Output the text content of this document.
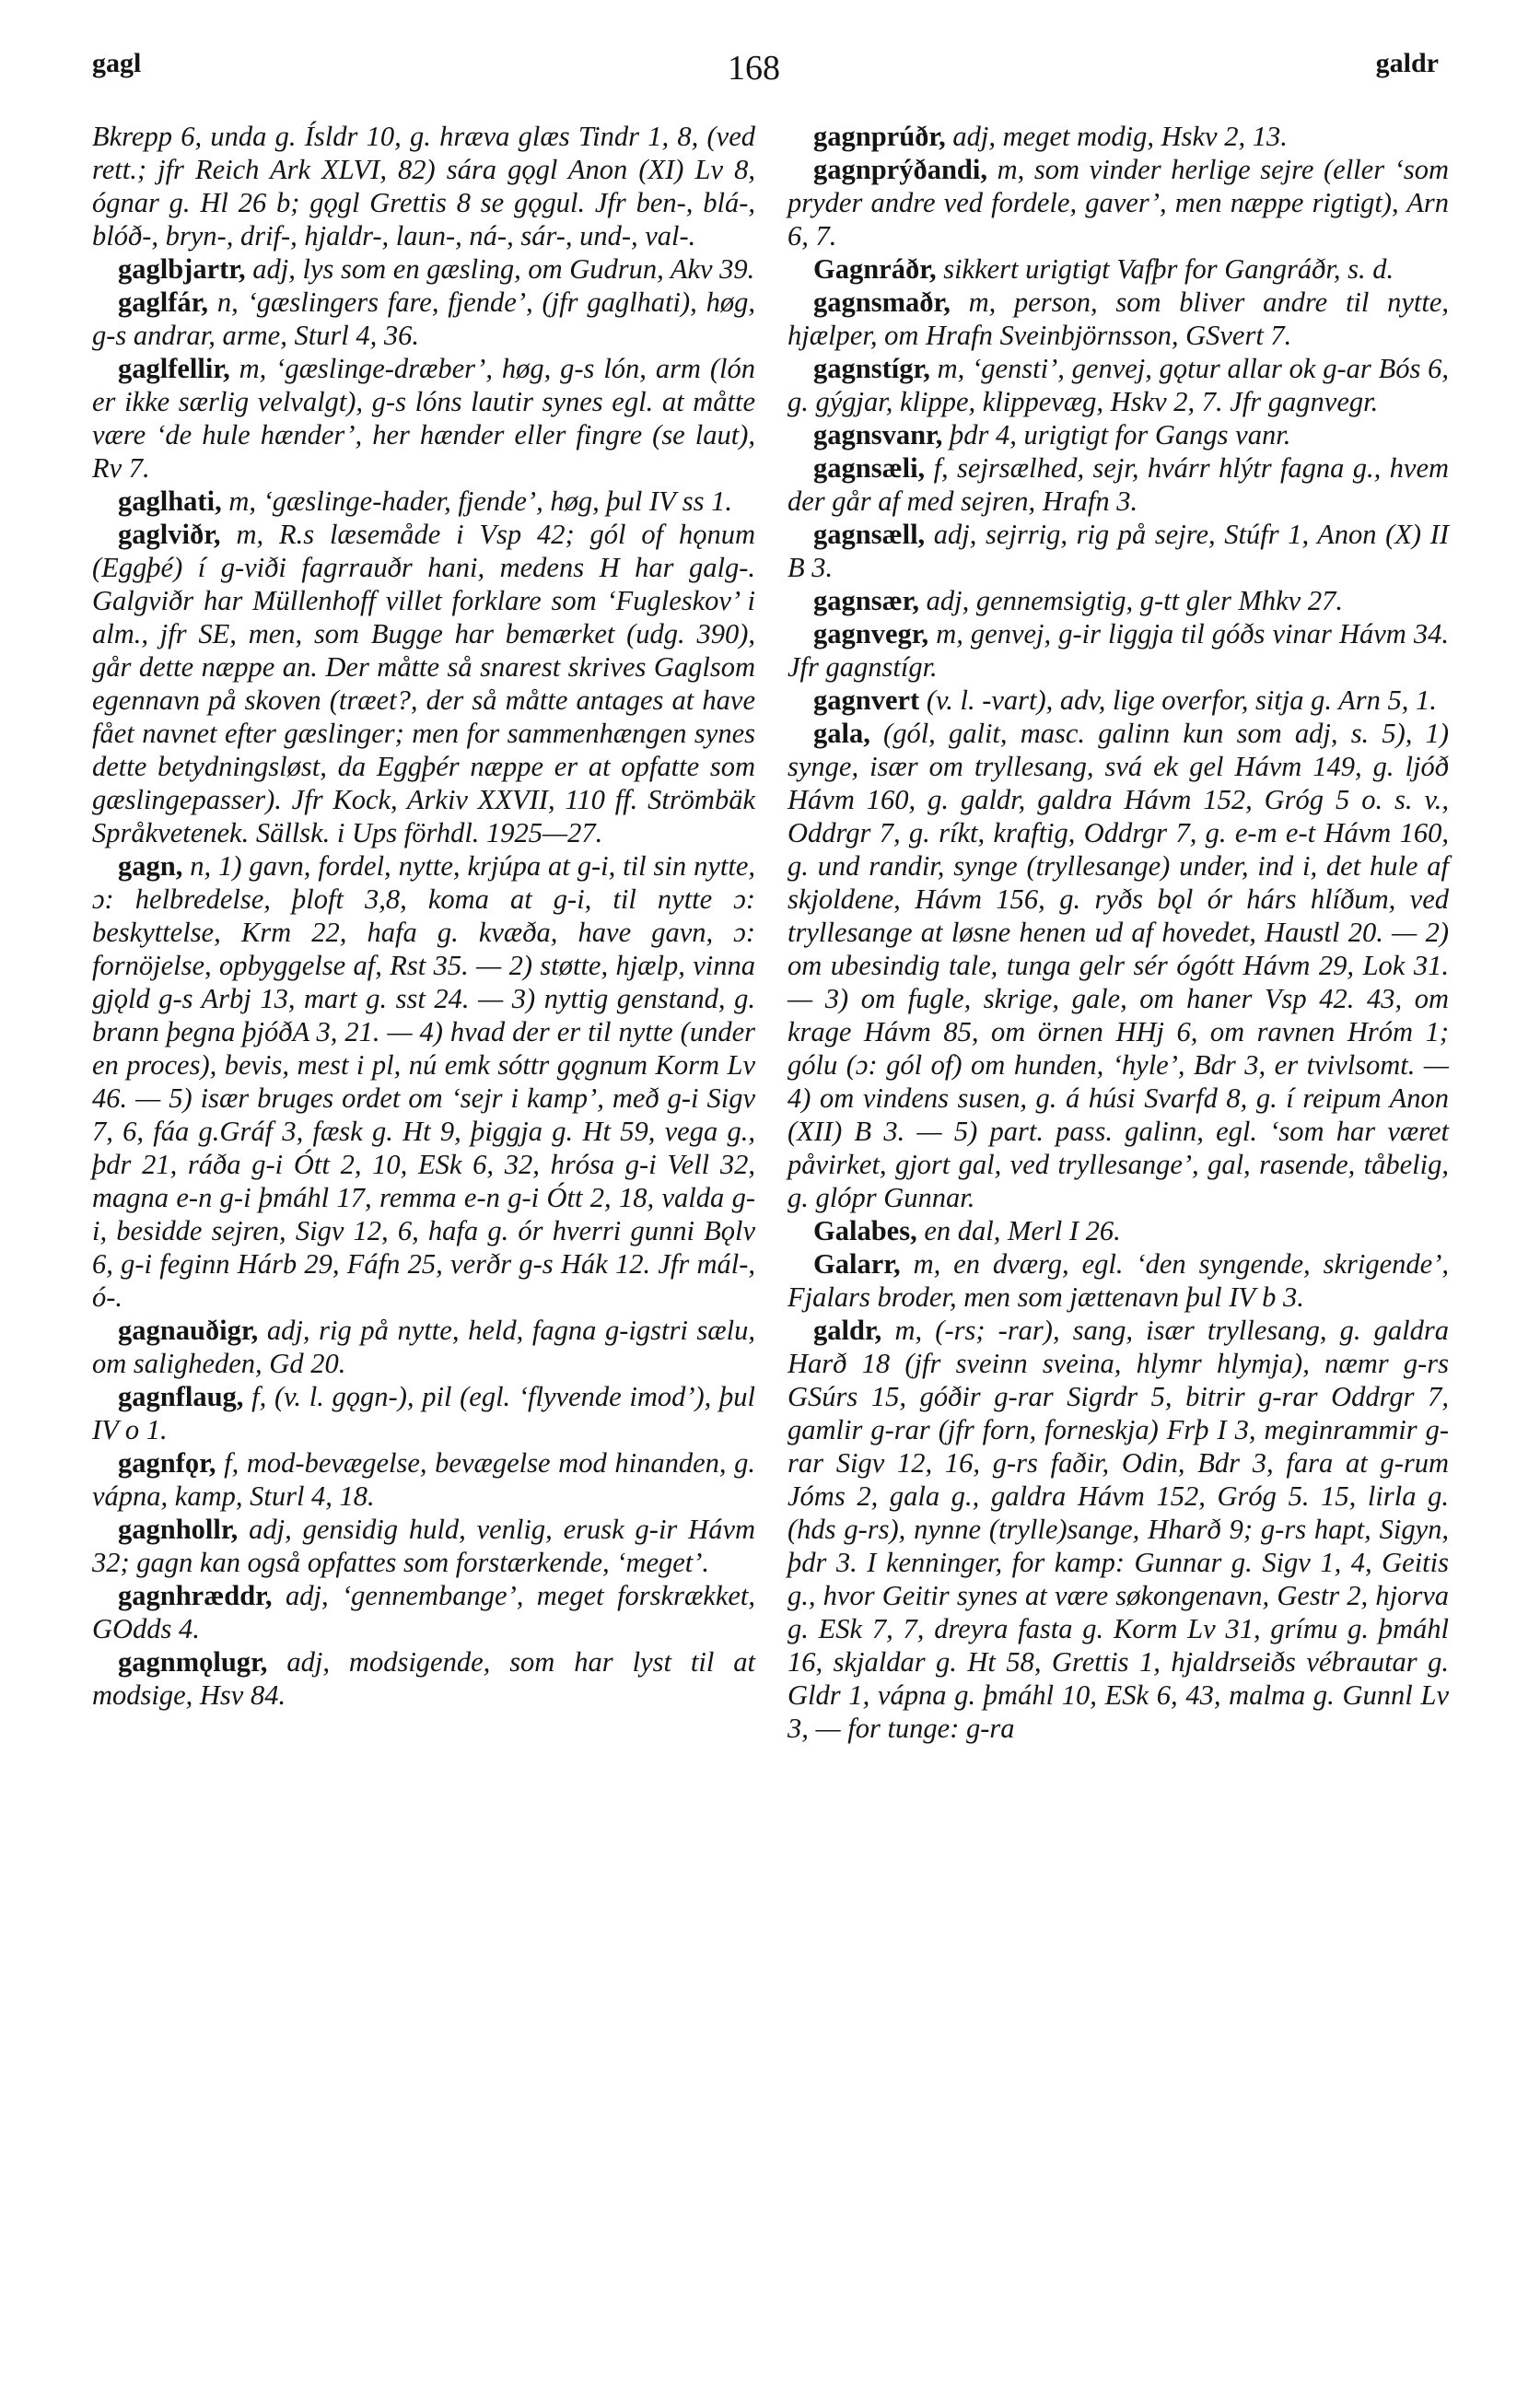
gagl	168	galdr
Bkrepp 6, unda g. Ísldr 10, g. hræva glæs Tindr 1, 8, (ved rett.; jfr Reich Ark XLVI, 82) sára gǫgl Anon (XI) Lv 8, ógnar g. Hl 26 b; gǫgl Grettis 8 se gǫgul. Jfr ben-, blá-, blóð-, bryn-, drif-, hjaldr-, laun-, ná-, sár-, und-, val-.
gaglbjartr, adj, lys som en gæsling, om Gudrun, Akv 39.
gaglfár, n, ‘gæslingers fare, fjende’, (jfr gaglhati), høg, g-s andrar, arme, Sturl 4, 36.
gaglfellir, m, ‘gæslinge-dræber’, høg, g-s lón, arm (lón er ikke særlig velvalgt), g-s lóns lautir synes egl. at måtte være ‘de hule hænder’, her hænder eller fingre (se laut), Rv 7.
gaglhati, m, ‘gæslinge-hader, fjende’, høg, þul IV ss 1.
gaglviðr, m, R.s læsemåde i Vsp 42; gól of hǫnum (Eggþé) í g-viði fagrrauðr hani, medens H har galg-. Galgviðr har Müllenhoff villet forklare som ‘Fugleskov’ i alm., jfr SE, men, som Bugge har bemærket (udg. 390), går dette næppe an. Der måtte så snarest skrives Gaglsom egennavn på skoven (træet?, der så måtte antages at have fået navnet efter gæslinger; men for sammenhængen synes dette betydningsløst, da Eggþér næppe er at opfatte som gæslingepasser). Jfr Kock, Arkiv XXVII, 110 ff. Strömbäk Språkvetenek. Sällsk. i Ups förhdl. 1925—27.
gagn, n, 1) gavn, fordel, nytte, krjúpa at g-i, til sin nytte, ɔ: helbredelse, þloft 3,8, koma at g-i, til nytte ɔ: beskyttelse, Krm 22, hafa g. kvæða, have gavn, ɔ: fornöjelse, opbyggelse af, Rst 35. — 2) støtte, hjælp, vinna gjǫld g-s Arbj 13, mart g. sst 24. — 3) nyttig genstand, g. brann þegna þjóðA 3, 21. — 4) hvad der er til nytte (under en proces), bevis, mest i pl, nú emk sóttr gǫgnum Korm Lv 46. — 5) især bruges ordet om ‘sejr i kamp’, með g-i Sigv 7, 6, fáa g.Gráf 3, fæsk g. Ht 9, þiggja g. Ht 59, vega g., þdr 21, ráða g-i Ótt 2, 10, ESk 6, 32, hrósa g-i Vell 32, magna e-n g-i þmáhl 17, remma e-n g-i Ótt 2, 18, valda g-i, besidde sejren, Sigv 12, 6, hafa g. ór hverri gunni Bǫlv 6, g-i feginn Hárb 29, Fáfn 25, verðr g-s Hák 12. Jfr mál-, ó-.
gagnauðigr, adj, rig på nytte, held, fagna g-igstri sælu, om saligheden, Gd 20.
gagnflaug, f, (v. l. gǫgn-), pil (egl. ‘flyvende imod’), þul IV o 1.
gagnfǫr, f, mod-bevægelse, bevægelse mod hinanden, g. vápna, kamp, Sturl 4, 18.
gagnhollr, adj, gensidig huld, venlig, erusk g-ir Hávm 32; gagn kan også opfattes som forstærkende, ‘meget’.
gagnhræddr, adj, ‘gennembange’, meget forskrækket, GOdds 4.
gagnmǫlugr, adj, modsigende, som har lyst til at modsige, Hsv 84.
gagnprúðr, adj, meget modig, Hskv 2, 13.
gagnprýðandi, m, som vinder herlige sejre (eller ‘som pryder andre ved fordele, gaver’, men næppe rigtigt), Arn 6, 7.
Gagnráðr, sikkert urigtigt Vafþr for Gangráðr, s. d.
gagnsmaðr, m, person, som bliver andre til nytte, hjælper, om Hrafn Sveinbjörnsson, GSvert 7.
gagnstígr, m, ‘gensti’, genvej, gǫtur allar ok g-ar Bós 6, g. gýgjar, klippe, klippevæg, Hskv 2, 7. Jfr gagnvegr.
gagnsvanr, þdr 4, urigtigt for Gangs vanr.
gagnsæli, f, sejrsælhed, sejr, hvárr hlýtr fagna g., hvem der går af med sejren, Hrafn 3.
gagnsæll, adj, sejrrig, rig på sejre, Stúfr 1, Anon (X) II B 3.
gagnsær, adj, gennemsigtig, g-tt gler Mhkv 27.
gagnvegr, m, genvej, g-ir liggja til góðs vinar Hávm 34. Jfr gagnstígr.
gagnvert (v. l. -vart), adv, lige overfor, sitja g. Arn 5, 1.
gala, (gól, galit, masc. galinn kun som adj, s. 5), 1) synge, især om tryllesang, svá ek gel Hávm 149, g. ljóð Hávm 160, g. galdr, galdra Hávm 152, Gróg 5 o. s. v., Oddrgr 7, g. ríkt, kraftig, Oddrgr 7, g. e-m e-t Hávm 160, g. und randir, synge (tryllesange) under, ind i, det hule af skjoldene, Hávm 156, g. ryðs bǫl ór hárs hlíðum, ved tryllesange at løsne henen ud af hovedet, Haustl 20. — 2) om ubesindig tale, tunga gelr sér ógótt Hávm 29, Lok 31. — 3) om fugle, skrige, gale, om haner Vsp 42. 43, om krage Hávm 85, om örnen HHj 6, om ravnen Hróm 1; gólu (ɔ: gól of) om hunden, ‘hyle’, Bdr 3, er tvivlsomt. — 4) om vindens susen, g. á húsi Svarfd 8, g. í reipum Anon (XII) B 3. — 5) part. pass. galinn, egl. ‘som har været påvirket, gjort gal, ved tryllesange’, gal, rasende, tåbelig, g. glópr Gunnar.
Galabes, en dal, Merl I 26.
Galarr, m, en dværg, egl. ‘den syngende, skrigende’, Fjalars broder, men som jættenavn þul IV b 3.
galdr, m, (-rs; -rar), sang, især tryllesang, g. galdra Harð 18 (jfr sveinn sveina, hlymr hlymja), næmr g-rs GSúrs 15, góðir g-rar Sigrdr 5, bitrir g-rar Oddrgr 7, gamlir g-rar (jfr forn, forneskja) Frþ I 3, meginrammir g-rar Sigv 12, 16, g-rs faðir, Odin, Bdr 3, fara at g-rum Jóms 2, gala g., galdra Hávm 152, Gróg 5. 15, lirla g. (hds g-rs), nynne (trylle)sange, Hharð 9; g-rs hapt, Sigyn, þdr 3. I kenninger, for kamp: Gunnar g. Sigv 1, 4, Geitis g., hvor Geitir synes at være søkongenavn, Gestr 2, hjorva g. ESk 7, 7, dreyra fasta g. Korm Lv 31, grímu g. þmáhl 16, skjaldar g. Ht 58, Grettis 1, hjaldrseiðs vébrautar g. Gldr 1, vápna g. þmáhl 10, ESk 6, 43, malma g. Gunnl Lv 3, — for tunge: g-ra
